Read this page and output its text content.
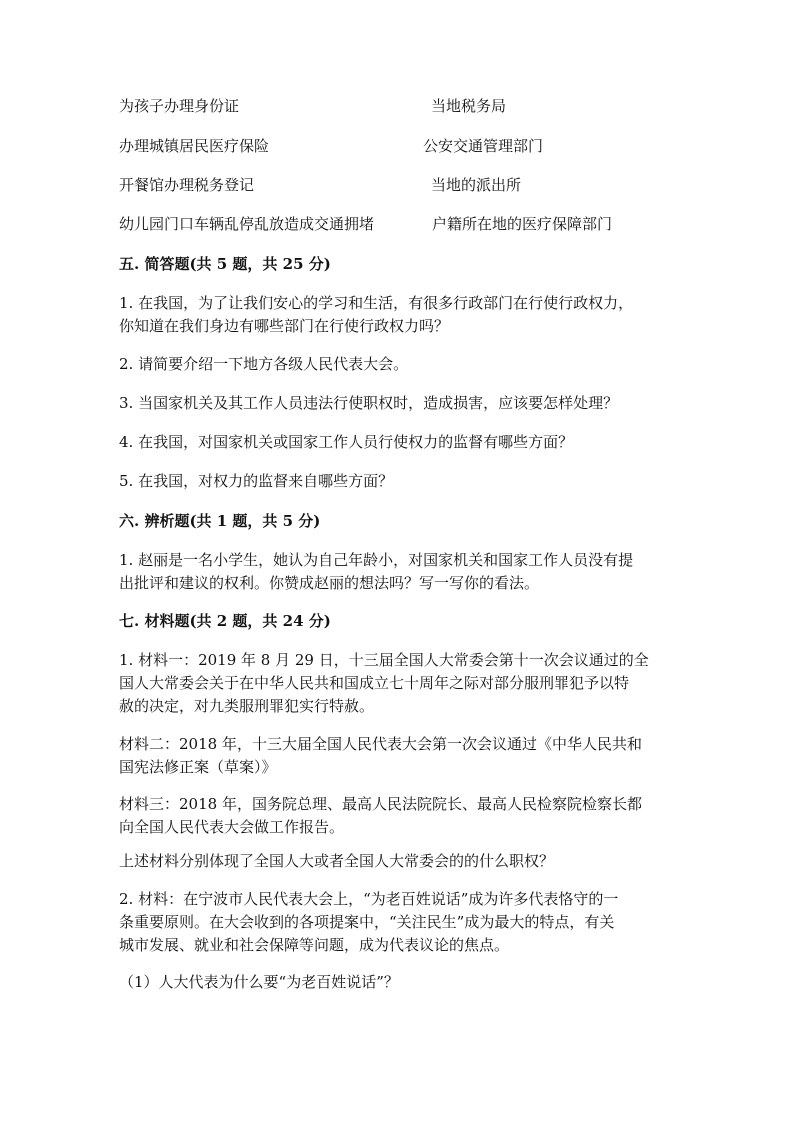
为孩子办理身份证	当地税务局
办理城镇居民医疗保险	公安交通管理部门
开餐馆办理税务登记	当地的派出所
幼儿园门口车辆乱停乱放造成交通拥堵	户籍所在地的医疗保障部门
五. 简答题(共 5 题，共 25 分)
1. 在我国，为了让我们安心的学习和生活，有很多行政部门在行使行政权力，
你知道在我们身边有哪些部门在行使行政权力吗？
2. 请简要介绍一下地方各级人民代表大会。
3. 当国家机关及其工作人员违法行使职权时，造成损害，应该要怎样处理？
4. 在我国，对国家机关或国家工作人员行使权力的监督有哪些方面？
5. 在我国，对权力的监督来自哪些方面？
六. 辨析题(共 1 题，共 5 分)
1. 赵丽是一名小学生，她认为自己年龄小，对国家机关和国家工作人员没有提
出批评和建议的权利。你赞成赵丽的想法吗？写一写你的看法。
七. 材料题(共 2 题，共 24 分)
1. 材料一：2019 年 8 月 29 日，十三届全国人大常委会第十一次会议通过的全
国人大常委会关于在中华人民共和国成立七十周年之际对部分服刑罪犯予以特
赦的决定，对九类服刑罪犯实行特赦。
材料二：2018 年，十三大届全国人民代表大会第一次会议通过《中华人民共和
国宪法修正案（草案）》
材料三：2018 年，国务院总理、最高人民法院院长、最高人民检察院检察长都
向全国人民代表大会做工作报告。
上述材料分别体现了全国人大或者全国人大常委会的的什么职权？
2. 材料：在宁波市人民代表大会上，“为老百姓说话”成为许多代表恪守的一
条重要原则。在大会收到的各项提案中，“关注民生”成为最大的特点，有关
城市发展、就业和社会保障等问题，成为代表议论的焦点。
（1）人大代表为什么要“为老百姓说话”？
